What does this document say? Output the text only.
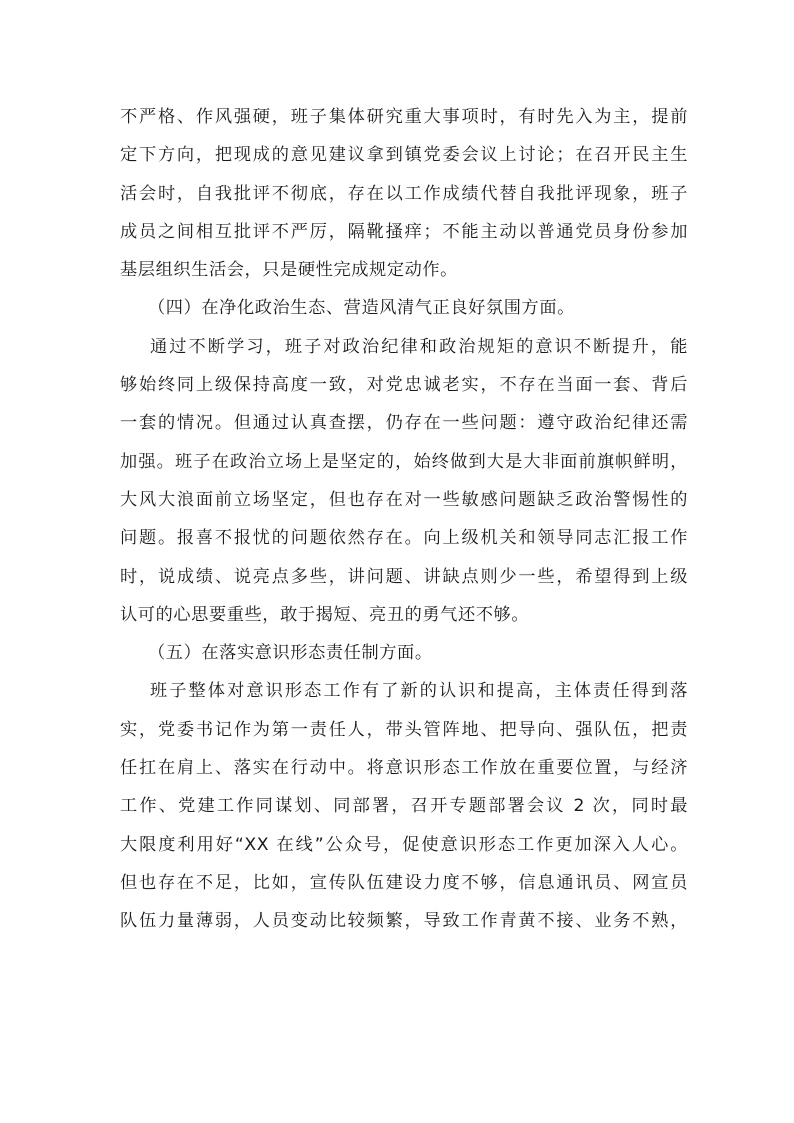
不严格、作风强硬，班子集体研究重大事项时，有时先入为主，提前
定下方向，把现成的意见建议拿到镇党委会议上讨论；在召开民主生
活会时，自我批评不彻底，存在以工作成绩代替自我批评现象，班子
成员之间相互批评不严厉，隔靴搔痒；不能主动以普通党员身份参加
基层组织生活会，只是硬性完成规定动作。
（四）在净化政治生态、营造风清气正良好氛围方面。
通过不断学习，班子对政治纪律和政治规矩的意识不断提升，能
够始终同上级保持高度一致，对党忠诚老实，不存在当面一套、背后
一套的情况。但通过认真查摆，仍存在一些问题：遵守政治纪律还需
加强。班子在政治立场上是坚定的，始终做到大是大非面前旗帜鲜明，
大风大浪面前立场坚定，但也存在对一些敏感问题缺乏政治警惕性的
问题。报喜不报忧的问题依然存在。向上级机关和领导同志汇报工作
时，说成绩、说亮点多些，讲问题、讲缺点则少一些，希望得到上级
认可的心思要重些，敢于揭短、亮丑的勇气还不够。
（五）在落实意识形态责任制方面。
班子整体对意识形态工作有了新的认识和提高，主体责任得到落
实，党委书记作为第一责任人，带头管阵地、把导向、强队伍，把责
任扛在肩上、落实在行动中。将意识形态工作放在重要位置，与经济
工作、党建工作同谋划、同部署，召开专题部署会议 2 次，同时最
大限度利用好“XX 在线”公众号，促使意识形态工作更加深入人心。
但也存在不足，比如，宣传队伍建设力度不够，信息通讯员、网宣员
队伍力量薄弱，人员变动比较频繁，导致工作青黄不接、业务不熟，
